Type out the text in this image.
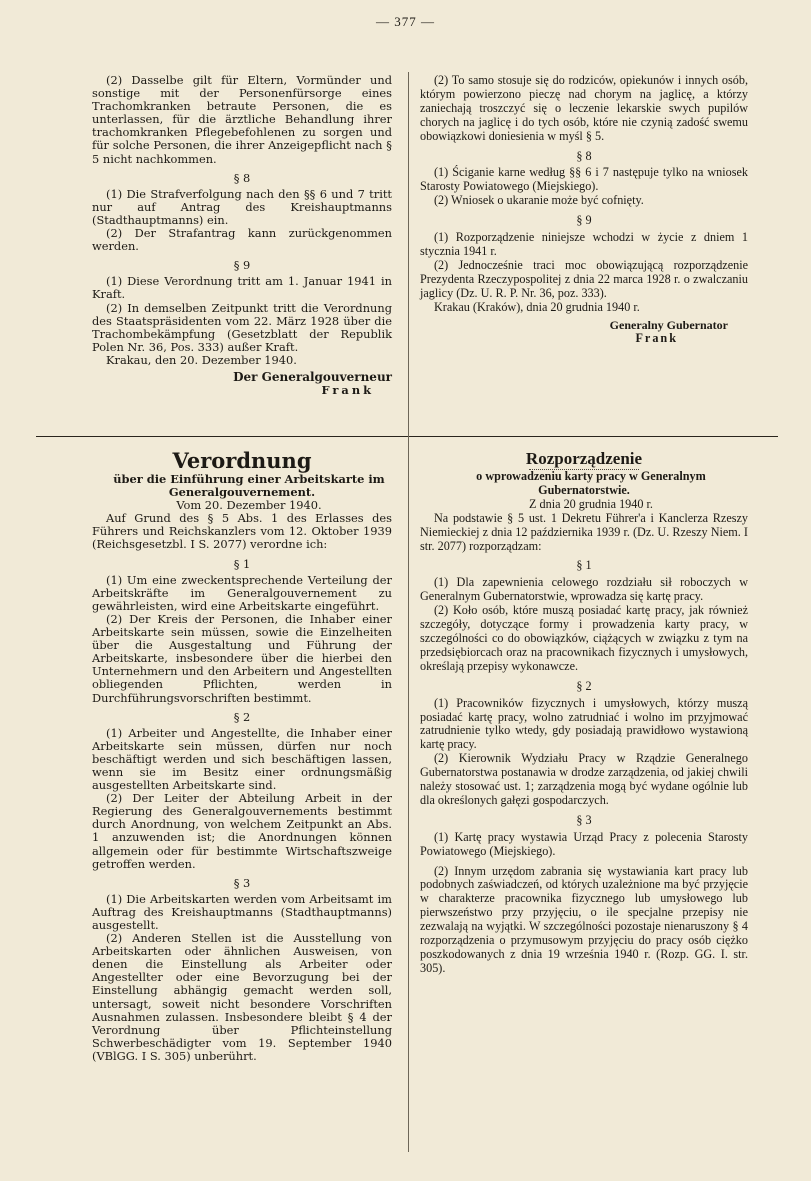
— 377 —

(2) Dasselbe gilt für Eltern, Vormünder und sonstige mit der Personenfürsorge eines Trachomkranken betraute Personen, die es unterlassen, für die ärztliche Behandlung ihrer trachomkranken Pflegebefohlenen zu sorgen und für solche Personen, die ihrer Anzeigepflicht nach § 5 nicht nachkommen.

§ 8

(1) Die Strafverfolgung nach den §§ 6 und 7 tritt nur auf Antrag des Kreishauptmanns (Stadthauptmanns) ein.

(2) Der Strafantrag kann zurückgenommen werden.

§ 9

(1) Diese Verordnung tritt am 1. Januar 1941 in Kraft.

(2) In demselben Zeitpunkt tritt die Verordnung des Staatspräsidenten vom 22. März 1928 über die Trachombekämpfung (Gesetzblatt der Republik Polen Nr. 36, Pos. 333) außer Kraft.

Krakau, den 20. Dezember 1940.

Der Generalgouverneur

Frank

(2) To samo stosuje się do rodziców, opiekunów i innych osób, którym powierzono pieczę nad chorym na jaglicę, a którzy zaniechają troszczyć się o leczenie lekarskie swych pupilów chorych na jaglicę i do tych osób, które nie czynią zadość swemu obowiązkowi doniesienia w myśl § 5.

§ 8

(1) Ściganie karne według §§ 6 i 7 następuje tylko na wniosek Starosty Powiatowego (Miejskiego).

(2) Wniosek o ukaranie może być cofnięty.

§ 9

(1) Rozporządzenie niniejsze wchodzi w życie z dniem 1 stycznia 1941 r.

(2) Jednocześnie traci moc obowiązującą rozporządzenie Prezydenta Rzeczypospolitej z dnia 22 marca 1928 r. o zwalczaniu jaglicy (Dz. U. R. P. Nr. 36, poz. 333).

Krakau (Kraków), dnia 20 grudnia 1940 r.

Generalny Gubernator

Frank

Verordnung

über die Einführung einer Arbeitskarte im Generalgouvernement.

Vom 20. Dezember 1940.

Auf Grund des § 5 Abs. 1 des Erlasses des Führers und Reichskanzlers vom 12. Oktober 1939 (Reichsgesetzbl. I S. 2077) verordne ich:

§ 1

(1) Um eine zweckentsprechende Verteilung der Arbeitskräfte im Generalgouvernement zu gewährleisten, wird eine Arbeitskarte eingeführt.

(2) Der Kreis der Personen, die Inhaber einer Arbeitskarte sein müssen, sowie die Einzelheiten über die Ausgestaltung und Führung der Arbeitskarte, insbesondere über die hierbei den Unternehmern und den Arbeitern und Angestellten obliegenden Pflichten, werden in Durchführungsvorschriften bestimmt.

§ 2

(1) Arbeiter und Angestellte, die Inhaber einer Arbeitskarte sein müssen, dürfen nur noch beschäftigt werden und sich beschäftigen lassen, wenn sie im Besitz einer ordnungsmäßig ausgestellten Arbeitskarte sind.

(2) Der Leiter der Abteilung Arbeit in der Regierung des Generalgouvernements bestimmt durch Anordnung, von welchem Zeitpunkt an Abs. 1 anzuwenden ist; die Anordnungen können allgemein oder für bestimmte Wirtschaftszweige getroffen werden.

§ 3

(1) Die Arbeitskarten werden vom Arbeitsamt im Auftrag des Kreishauptmanns (Stadthauptmanns) ausgestellt.

(2) Anderen Stellen ist die Ausstellung von Arbeitskarten oder ähnlichen Ausweisen, von denen die Einstellung als Arbeiter oder Angestellter oder eine Bevorzugung bei der Einstellung abhängig gemacht werden soll, untersagt, soweit nicht besondere Vorschriften Ausnahmen zulassen. Insbesondere bleibt § 4 der Verordnung über Pflichteinstellung Schwerbeschädigter vom 19. September 1940 (VBlGG. I S. 305) unberührt.

Rozporządzenie

o wprowadzeniu karty pracy w Generalnym Gubernatorstwie.

Z dnia 20 grudnia 1940 r.

Na podstawie § 5 ust. 1 Dekretu Führer'a i Kanclerza Rzeszy Niemieckiej z dnia 12 października 1939 r. (Dz. U. Rzeszy Niem. I str. 2077) rozporządzam:

§ 1

(1) Dla zapewnienia celowego rozdziału sił roboczych w Generalnym Gubernatorstwie, wprowadza się kartę pracy.

(2) Koło osób, które muszą posiadać kartę pracy, jak również szczegóły, dotyczące formy i prowadzenia karty pracy, w szczególności co do obowiązków, ciążących w związku z tym na przedsiębiorcach oraz na pracownikach fizycznych i umysłowych, określają przepisy wykonawcze.

§ 2

(1) Pracowników fizycznych i umysłowych, którzy muszą posiadać kartę pracy, wolno zatrudniać i wolno im przyjmować zatrudnienie tylko wtedy, gdy posiadają prawidłowo wystawioną kartę pracy.

(2) Kierownik Wydziału Pracy w Rządzie Generalnego Gubernatorstwa postanawia w drodze zarządzenia, od jakiej chwili należy stosować ust. 1; zarządzenia mogą być wydane ogólnie lub dla określonych gałęzi gospodarczych.

§ 3

(1) Kartę pracy wystawia Urząd Pracy z polecenia Starosty Powiatowego (Miejskiego).

(2) Innym urzędom zabrania się wystawiania kart pracy lub podobnych zaświadczeń, od których uzależnione ma być przyjęcie w charakterze pracownika fizycznego lub umysłowego lub pierwszeństwo przy przyjęciu, o ile specjalne przepisy nie zezwalają na wyjątki. W szczególności pozostaje nienaruszony § 4 rozporządzenia o przymusowym przyjęciu do pracy osób ciężko poszkodowanych z dnia 19 września 1940 r. (Rozp. GG. I. str. 305).
